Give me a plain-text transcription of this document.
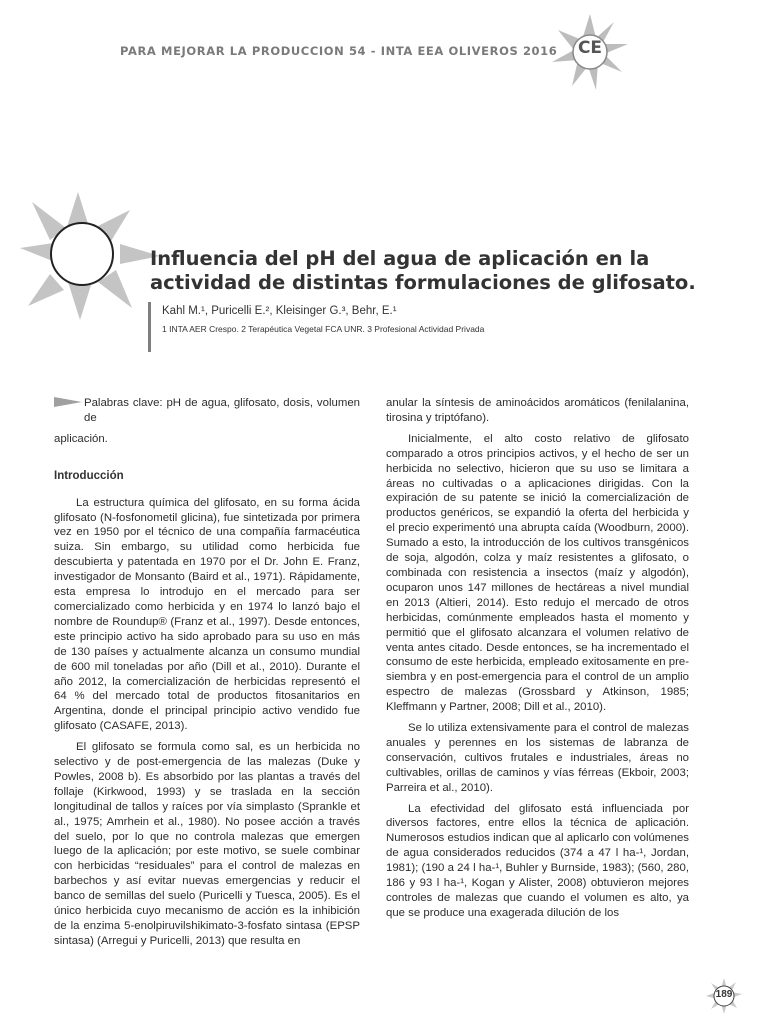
PARA MEJORAR LA PRODUCCION 54 - INTA EEA OLIVEROS 2016 CE
Influencia del pH del agua de aplicación en la actividad de distintas formulaciones de glifosato.
Kahl M.¹, Puricelli E.², Kleisinger G.³, Behr, E.¹
1 INTA AER Crespo. 2 Terapéutica Vegetal FCA UNR. 3 Profesional Actividad Privada

Palabras clave: pH de agua, glifosato, dosis, volumen de

aplicación.

Introducción

La estructura química del glifosato, en su forma ácida glifosato (N-fosfonometil glicina), fue sintetizada por primera vez en 1950 por el técnico de una compañía farmacéutica suiza. Sin embargo, su utilidad como herbicida fue descubierta y patentada en 1970 por el Dr. John E. Franz, investigador de Monsanto (Baird et al., 1971). Rápidamente, esta empresa lo introdujo en el mercado para ser comercializado como herbicida y en 1974 lo lanzó bajo el nombre de Roundup® (Franz et al., 1997). Desde entonces, este principio activo ha sido aprobado para su uso en más de 130 países y actualmente alcanza un consumo mundial de 600 mil toneladas por año (Dill et al., 2010). Durante el año 2012, la comercialización de herbicidas representó el 64 % del mercado total de productos fitosanitarios en Argentina, donde el principal principio activo vendido fue glifosato (CASAFE, 2013).

El glifosato se formula como sal, es un herbicida no selectivo y de post-emergencia de las malezas (Duke y Powles, 2008 b). Es absorbido por las plantas a través del follaje (Kirkwood, 1993) y se traslada en la sección longitudinal de tallos y raíces por vía simplasto (Sprankle et al., 1975; Amrhein et al., 1980). No posee acción a través del suelo, por lo que no controla malezas que emergen luego de la aplicación; por este motivo, se suele combinar con herbicidas “residuales” para el control de malezas en barbechos y así evitar nuevas emergencias y reducir el banco de semillas del suelo (Puricelli y Tuesca, 2005). Es el único herbicida cuyo mecanismo de acción es la inhibición de la enzima 5-enolpiruvilshikimato-3-fosfato sintasa (EPSP sintasa) (Arregui y Puricelli, 2013) que resulta en

anular la síntesis de aminoácidos aromáticos (fenilalanina, tirosina y triptófano).

Inicialmente, el alto costo relativo de glifosato comparado a otros principios activos, y el hecho de ser un herbicida no selectivo, hicieron que su uso se limitara a áreas no cultivadas o a aplicaciones dirigidas. Con la expiración de su patente se inició la comercialización de productos genéricos, se expandió la oferta del herbicida y el precio experimentó una abrupta caída (Woodburn, 2000). Sumado a esto, la introducción de los cultivos transgénicos de soja, algodón, colza y maíz resistentes a glifosato, o combinada con resistencia a insectos (maíz y algodón), ocuparon unos 147 millones de hectáreas a nivel mundial en 2013 (Altieri, 2014). Esto redujo el mercado de otros herbicidas, comúnmente empleados hasta el momento y permitió que el glifosato alcanzara el volumen relativo de venta antes citado. Desde entonces, se ha incrementado el consumo de este herbicida, empleado exitosamente en pre-siembra y en post-emergencia para el control de un amplio espectro de malezas (Grossbard y Atkinson, 1985; Kleffmann y Partner, 2008; Dill et al., 2010).

Se lo utiliza extensivamente para el control de malezas anuales y perennes en los sistemas de labranza de conservación, cultivos frutales e industriales, áreas no cultivables, orillas de caminos y vías férreas (Ekboir, 2003; Parreira et al., 2010).

La efectividad del glifosato está influenciada por diversos factores, entre ellos la técnica de aplicación. Numerosos estudios indican que al aplicarlo con volúmenes de agua considerados reducidos (374 a 47 l ha-¹, Jordan, 1981); (190 a 24 l ha-¹, Buhler y Burnside, 1983); (560, 280, 186 y 93 l ha-¹, Kogan y Alister, 2008) obtuvieron mejores controles de malezas que cuando el volumen es alto, ya que se produce una exagerada dilución de los

189
